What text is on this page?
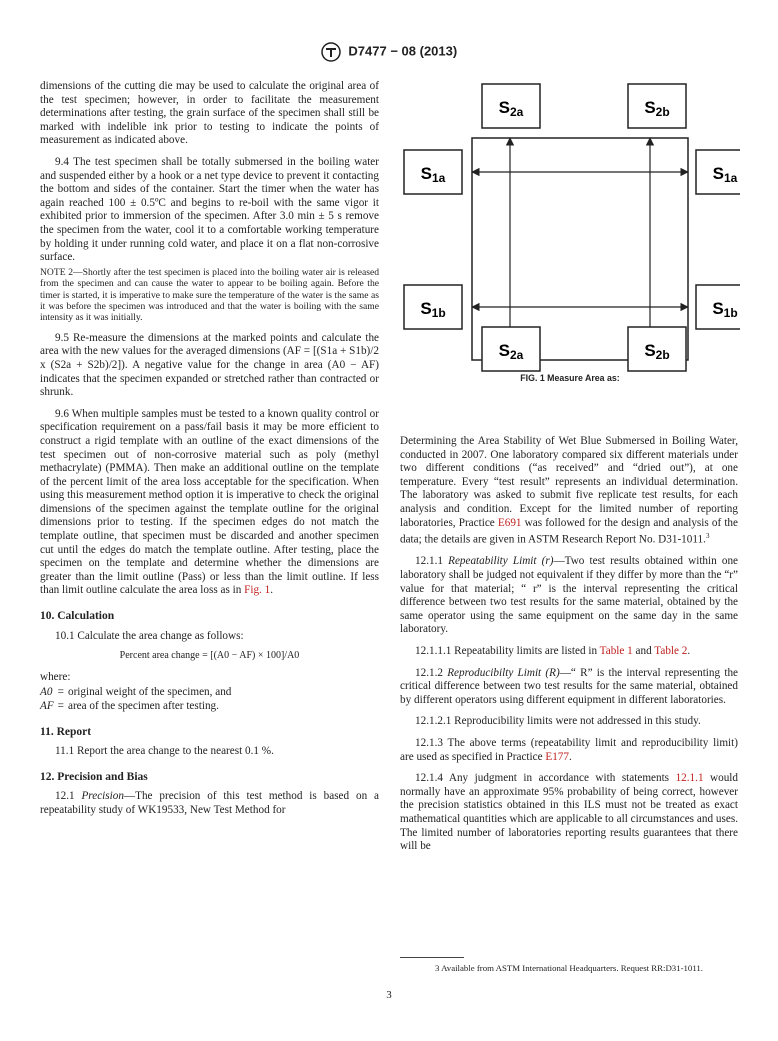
D7477 − 08 (2013)

dimensions of the cutting die may be used to calculate the original area of the test specimen; however, in order to facilitate the measurement determinations after testing, the grain surface of the specimen shall still be marked with indelible ink prior to testing to indicate the points of measurement as indicated above.

9.4 The test specimen shall be totally submersed in the boiling water and suspended either by a hook or a net type device to prevent it contacting the bottom and sides of the container. Start the timer when the water has again reached 100 ± 0.5ºC and begins to re-boil with the same vigor it exhibited prior to immersion of the specimen. After 3.0 min ± 5 s remove the specimen from the water, cool it to a comfortable working temperature by holding it under running cold water, and place it on a flat non-corrosive surface.

NOTE 2—Shortly after the test specimen is placed into the boiling water air is released from the specimen and can cause the water to appear to be boiling again. Before the timer is started, it is imperative to make sure the temperature of the water is the same as it was before the specimen was introduced and that the water is boiling with the same intensity as it was initially.

9.5 Re-measure the dimensions at the marked points and calculate the area with the new values for the averaged dimensions (AF = [(S1a + S1b)/2 x (S2a + S2b)/2]). A negative value for the change in area (A0 − AF) indicates that the specimen expanded or stretched rather than contracted or shrunk.

9.6 When multiple samples must be tested to a known quality control or specification requirement on a pass/fail basis it may be more efficient to construct a rigid template with an outline of the exact dimensions of the test specimen out of non-corrosive material such as poly (methyl methacrylate) (PMMA). Then make an additional outline on the template of the percent limit of the area loss acceptable for the specification. When using this measurement method option it is imperative to check the original dimensions of the specimen against the template outline for the original dimensions prior to testing. If the specimen edges do not match the template outline, that specimen must be discarded and another specimen cut until the edges do match the template outline. After testing, place the specimen on the template and determine whether the dimensions are greater than the limit outline (Pass) or less than the limit outline. If less than limit outline calculate the area loss as in Fig. 1.

10. Calculation

10.1 Calculate the area change as follows:

Percent area change = [(A0 − AF) × 100]/A0

where:

A0	=	original weight of the specimen, and
AF	=	area of the specimen after testing.
11. Report

11.1 Report the area change to the nearest 0.1 %.

12. Precision and Bias

12.1 Precision—The precision of this test method is based on a repeatability study of WK19533, New Test Method for

S2a	S2b
S1a	S1a
S1b	S1b
S2a	S2b
FIG. 1 Measure Area as:

Determining the Area Stability of Wet Blue Submersed in Boiling Water, conducted in 2007. One laboratory compared six different materials under two different conditions (“as received” and “dried out”), at one temperature. Every “test result” represents an individual determination. The laboratory was asked to submit five replicate test results, for each analysis and condition. Except for the limited number of reporting laboratories, Practice E691 was followed for the design and analysis of the data; the details are given in ASTM Research Report No. D31-1011.$^3$

12.1.1 Repeatability Limit (r)—Two test results obtained within one laboratory shall be judged not equivalent if they differ by more than the “r” value for that material; “ r” is the interval representing the critical difference between two test results for the same material, obtained by the same operator using the same equipment on the same day in the same laboratory.

12.1.1.1 Repeatability limits are listed in Table 1 and Table 2.

12.1.2 Reproducibilty Limit (R)—“ R” is the interval representing the critical difference between two test results for the same material, obtained by different operators using different equipment in different laboratories.

12.1.2.1 Reproducibility limits were not addressed in this study.

12.1.3 The above terms (repeatability limit and reproducibility limit) are used as specified in Practice E177.

12.1.4 Any judgment in accordance with statements 12.1.1 would normally have an approximate 95% probability of being correct, however the precision statistics obtained in this ILS must not be treated as exact mathematical quantities which are applicable to all circumstances and uses. The limited number of laboratories reporting results guarantees that there will be

3 Available from ASTM International Headquarters. Request RR:D31-1011.
3
